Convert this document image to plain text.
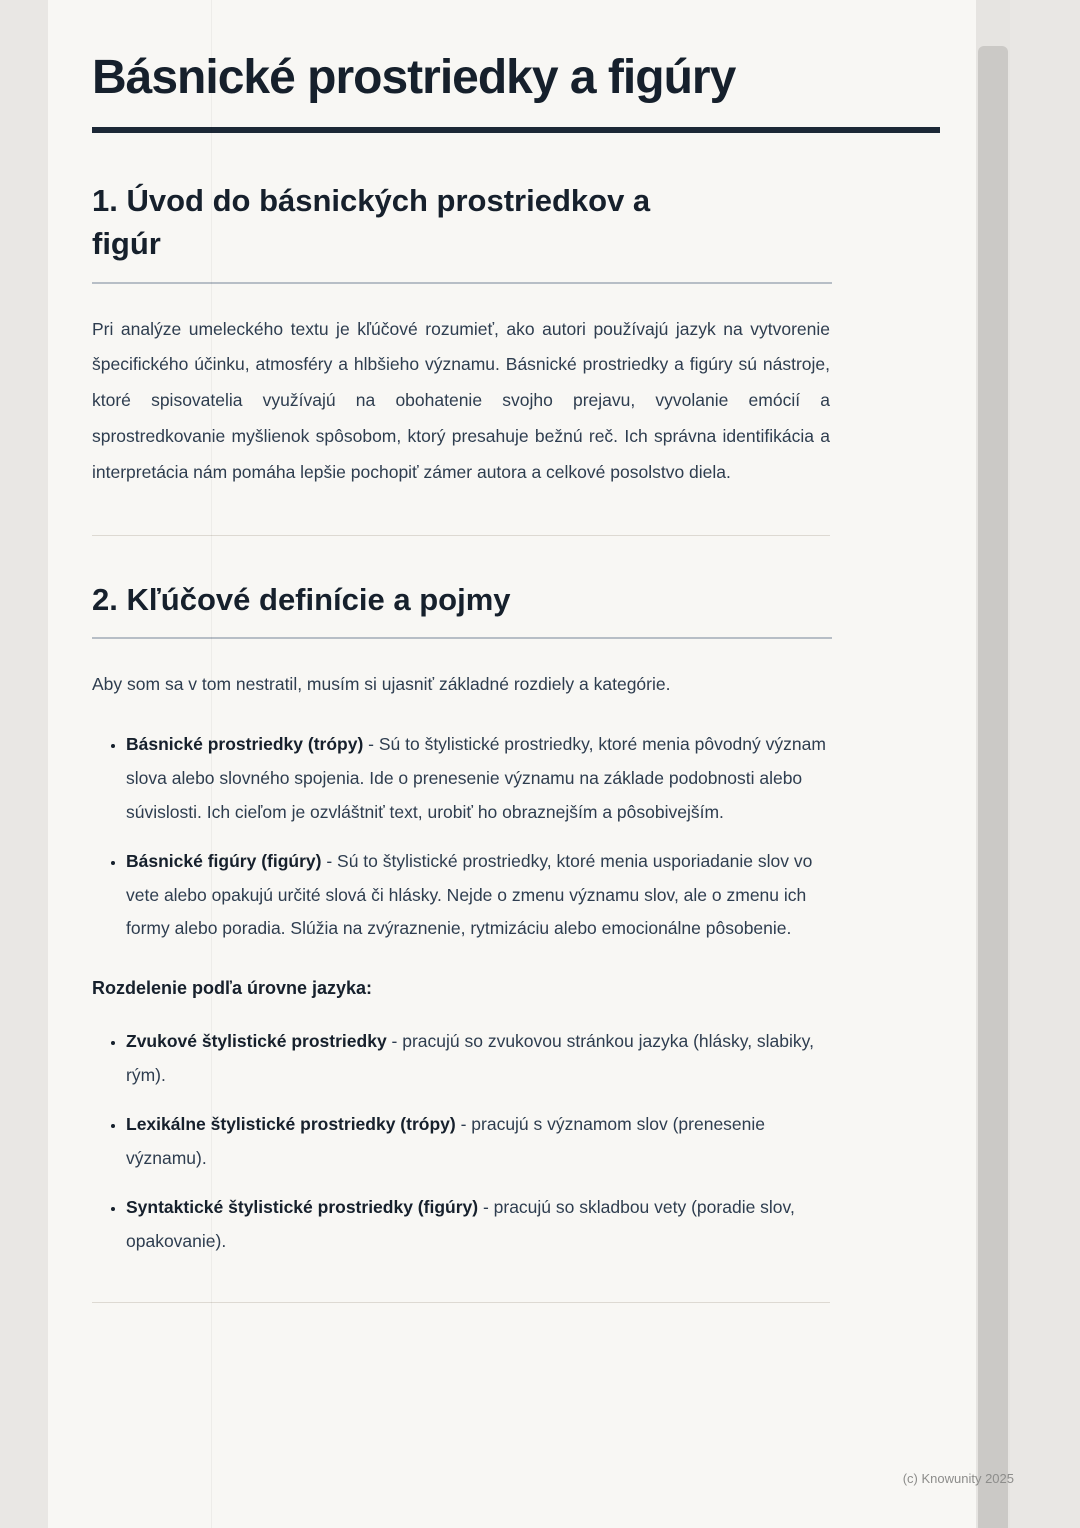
Básnické prostriedky a figúry
1. Úvod do básnických prostriedkov a figúr

Pri analýze umeleckého textu je kľúčové rozumieť, ako autori používajú jazyk na vytvorenie špecifického účinku, atmosféry a hlbšieho významu. Básnické prostriedky a figúry sú nástroje, ktoré spisovatelia využívajú na obohatenie svojho prejavu, vyvolanie emócií a sprostredkovanie myšlienok spôsobom, ktorý presahuje bežnú reč. Ich správna identifikácia a interpretácia nám pomáha lepšie pochopiť zámer autora a celkové posolstvo diela.

2. Kľúčové definície a pojmy

Aby som sa v tom nestratil, musím si ujasniť základné rozdiely a kategórie.

• Básnické prostriedky (trópy) - Sú to štylistické prostriedky, ktoré menia pôvodný význam slova alebo slovného spojenia. Ide o prenesenie významu na základe podobnosti alebo súvislosti. Ich cieľom je ozvláštniť text, urobiť ho obraznejším a pôsobivejším.
• Básnické figúry (figúry) - Sú to štylistické prostriedky, ktoré menia usporiadanie slov vo vete alebo opakujú určité slová či hlásky. Nejde o zmenu významu slov, ale o zmenu ich formy alebo poradia. Slúžia na zvýraznenie, rytmizáciu alebo emocionálne pôsobenie.

Rozdelenie podľa úrovne jazyka:

• Zvukové štylistické prostriedky - pracujú so zvukovou stránkou jazyka (hlásky, slabiky, rým).
• Lexikálne štylistické prostriedky (trópy) - pracujú s významom slov (prenesenie významu).
• Syntaktické štylistické prostriedky (figúry) - pracujú so skladbou vety (poradie slov, opakovanie).
(c) Knowunity 2025
